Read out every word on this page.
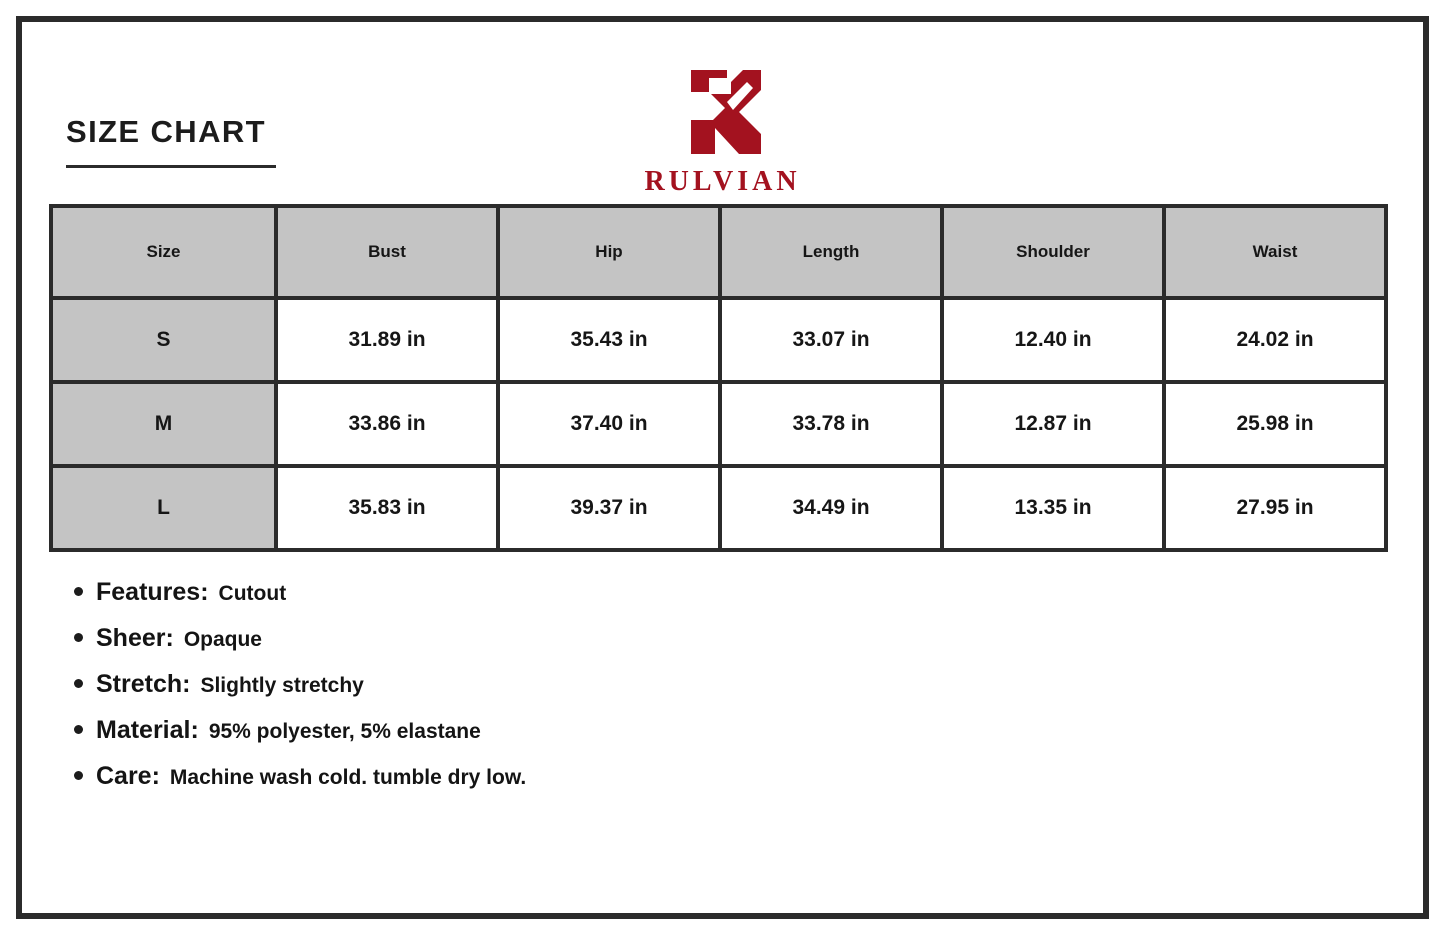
SIZE CHART
RULVIAN
Size	Bust	Hip	Length	Shoulder	Waist
S	31.89 in	35.43 in	33.07 in	12.40 in	24.02 in
M	33.86 in	37.40 in	33.78 in	12.87 in	25.98 in
L	35.83 in	39.37 in	34.49 in	13.35 in	27.95 in
Features: Cutout
Sheer: Opaque
Stretch: Slightly stretchy
Material: 95% polyester, 5% elastane
Care: Machine wash cold. tumble dry low.
